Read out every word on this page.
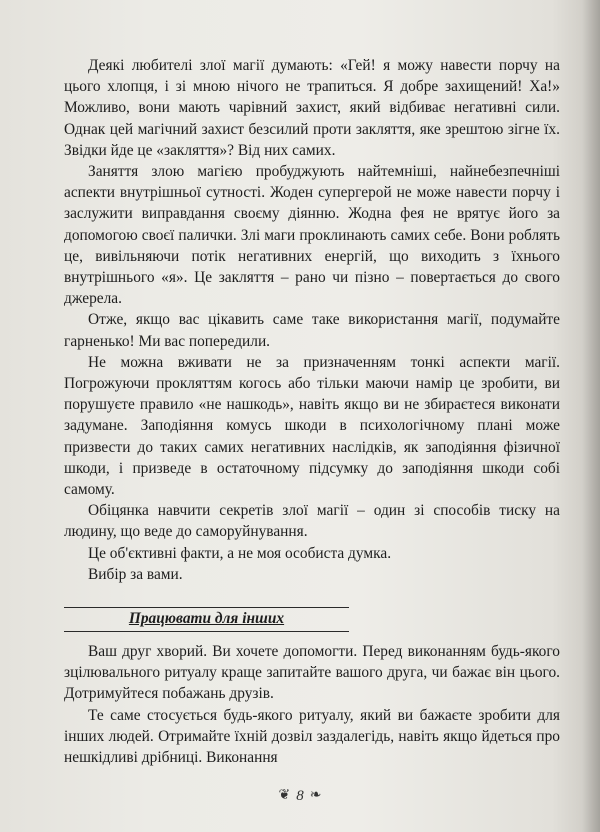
Деякі любителі злої магії думають: «Гей! я можу навести порчу на цього хлопця, і зі мною нічого не трапиться. Я добре захищений! Ха!» Можливо, вони мають чарівний захист, який відбиває негативні сили. Однак цей магічний захист безсилий проти закляття, яке зрештою зігне їх. Звідки йде це «закляття»? Від них самих.

Заняття злою магією пробуджують найтемніші, найнебезпечніші аспекти внутрішньої сутності. Жоден супергерой не може навести порчу і заслужити виправдання своєму діянню. Жодна фея не врятує його за допомогою своєї палички. Злі маги проклинають самих себе. Вони роблять це, вивільняючи потік негативних енергій, що виходить з їхнього внутрішнього «я». Це закляття – рано чи пізно – повертається до свого джерела.

Отже, якщо вас цікавить саме таке використання магії, подумайте гарненько! Ми вас попередили.

Не можна вживати не за призначенням тонкі аспекти магії. Погрожуючи прокляттям когось або тільки маючи намір це зробити, ви порушуєте правило «не нашкодь», навіть якщо ви не збираєтеся виконати задумане. Заподіяння комусь шкоди в психологічному плані може призвести до таких самих негативних наслідків, як заподіяння фізичної шкоди, і призведе в остаточному підсумку до заподіяння шкоди собі самому.

Обіцянка навчити секретів злої магії – один зі способів тиску на людину, що веде до саморуйнування.

Це об'єктивні факти, а не моя особиста думка.

Вибір за вами.

Працювати для інших

Ваш друг хворий. Ви хочете допомогти. Перед виконанням будь-якого зцілювального ритуалу краще запитайте вашого друга, чи бажає він цього. Дотримуйтеся побажань друзів.

Те саме стосується будь-якого ритуалу, який ви бажаєте зробити для інших людей. Отримайте їхній дозвіл заздалегідь, навіть якщо йдеться про нешкідливі дрібниці. Виконання

❦ 8 ❧
